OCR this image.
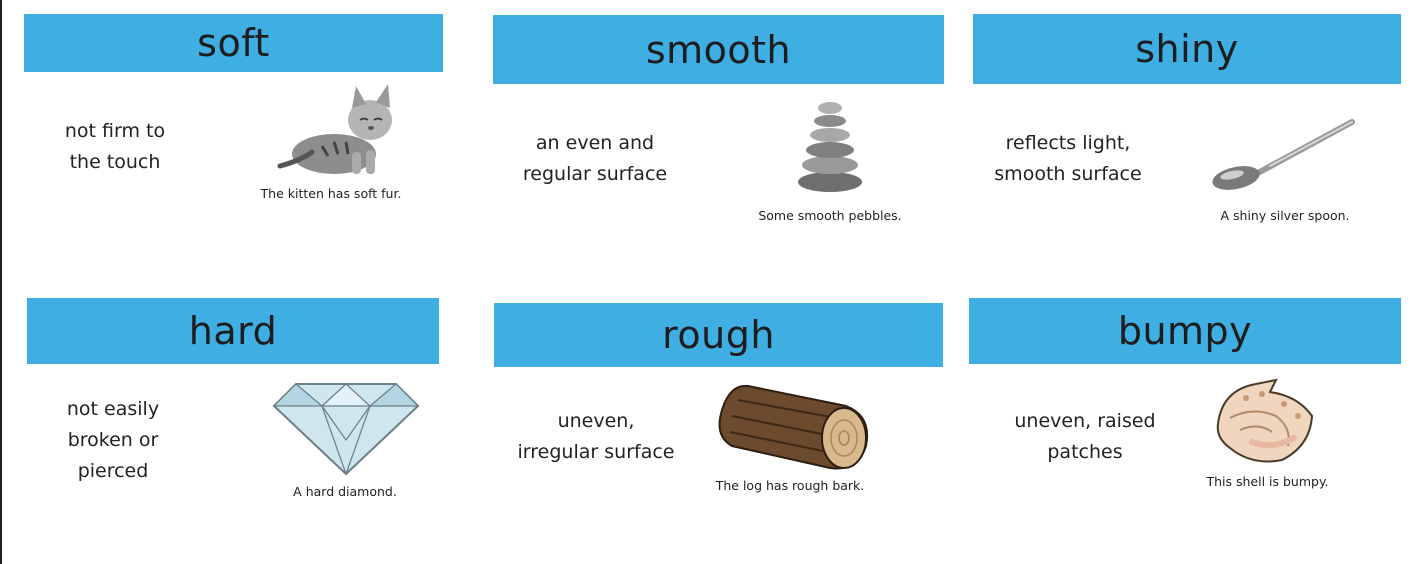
soft
not firm to
the touch
The kitten has soft fur.
smooth
an even and
regular surface
Some smooth pebbles.
shiny
reflects light,
smooth surface
A shiny silver spoon.
hard
not easily
broken or
pierced
A hard diamond.
rough
uneven,
irregular surface
The log has rough bark.
bumpy
uneven, raised
patches
This shell is bumpy.
